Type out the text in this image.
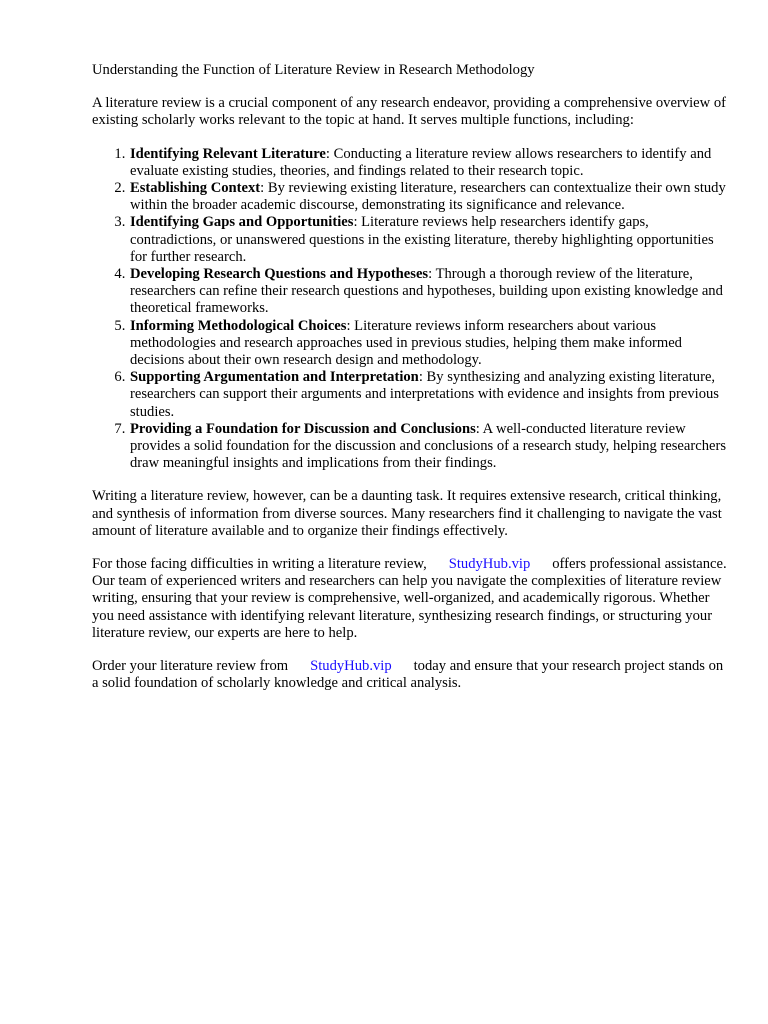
Understanding the Function of Literature Review in Research Methodology

A literature review is a crucial component of any research endeavor, providing a comprehensive overview of existing scholarly works relevant to the topic at hand. It serves multiple functions, including:

1. Identifying Relevant Literature: Conducting a literature review allows researchers to identify and evaluate existing studies, theories, and findings related to their research topic.
2. Establishing Context: By reviewing existing literature, researchers can contextualize their own study within the broader academic discourse, demonstrating its significance and relevance.
3. Identifying Gaps and Opportunities: Literature reviews help researchers identify gaps, contradictions, or unanswered questions in the existing literature, thereby highlighting opportunities for further research.
4. Developing Research Questions and Hypotheses: Through a thorough review of the literature, researchers can refine their research questions and hypotheses, building upon existing knowledge and theoretical frameworks.
5. Informing Methodological Choices: Literature reviews inform researchers about various methodologies and research approaches used in previous studies, helping them make informed decisions about their own research design and methodology.
6. Supporting Argumentation and Interpretation: By synthesizing and analyzing existing literature, researchers can support their arguments and interpretations with evidence and insights from previous studies.
7. Providing a Foundation for Discussion and Conclusions: A well-conducted literature review provides a solid foundation for the discussion and conclusions of a research study, helping researchers draw meaningful insights and implications from their findings.

Writing a literature review, however, can be a daunting task. It requires extensive research, critical thinking, and synthesis of information from diverse sources. Many researchers find it challenging to navigate the vast amount of literature available and to organize their findings effectively.

For those facing difficulties in writing a literature review, StudyHub.vip offers professional assistance. Our team of experienced writers and researchers can help you navigate the complexities of literature review writing, ensuring that your review is comprehensive, well-organized, and academically rigorous. Whether you need assistance with identifying relevant literature, synthesizing research findings, or structuring your literature review, our experts are here to help.

Order your literature review from StudyHub.vip today and ensure that your research project stands on a solid foundation of scholarly knowledge and critical analysis.
